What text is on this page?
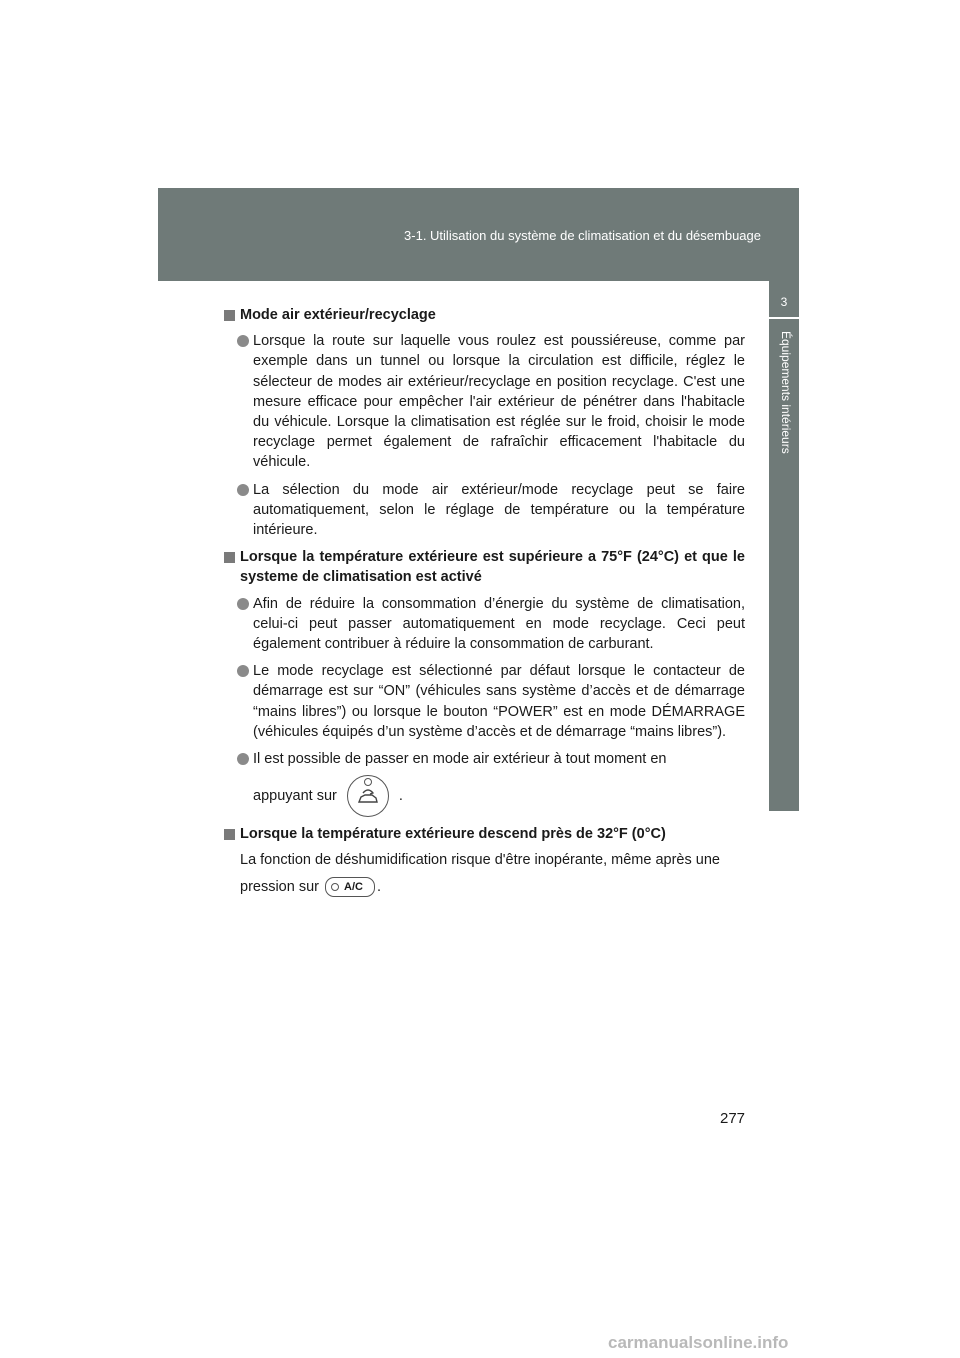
3-1. Utilisation du système de climatisation et du désembuage
3
Équipements intérieurs
Mode air extérieur/recyclage
Lorsque la route sur laquelle vous roulez est poussiéreuse, comme par exemple dans un tunnel ou lorsque la circulation est difficile, réglez le sélecteur de modes air extérieur/recyclage en position recyclage. C'est une mesure efficace pour empêcher l'air extérieur de pénétrer dans l'habitacle du véhicule. Lorsque la climatisation est réglée sur le froid, choisir le mode recyclage permet également de rafraîchir efficacement l'habitacle du véhicule.
La sélection du mode air extérieur/mode recyclage peut se faire automatiquement, selon le réglage de température ou la température intérieure.
Lorsque la température extérieure est supérieure a 75°F (24°C) et que le systeme de climatisation est activé
Afin de réduire la consommation d’énergie du système de climatisation, celui-ci peut passer automatiquement en mode recyclage. Ceci peut également contribuer à réduire la consommation de carburant.
Le mode recyclage est sélectionné par défaut lorsque le contacteur de démarrage est sur “ON” (véhicules sans système d’accès et de démarrage “mains libres”) ou lorsque le bouton “POWER” est en mode DÉMARRAGE (véhicules équipés d’un système d’accès et de démarrage “mains libres”).
Il est possible de passer en mode air extérieur à tout moment en
appuyant sur	.
Lorsque la température extérieure descend près de 32°F (0°C)
La fonction de déshumidification risque d'être inopérante, même après une
pression sur A/C .
277
carmanualsonline.info
